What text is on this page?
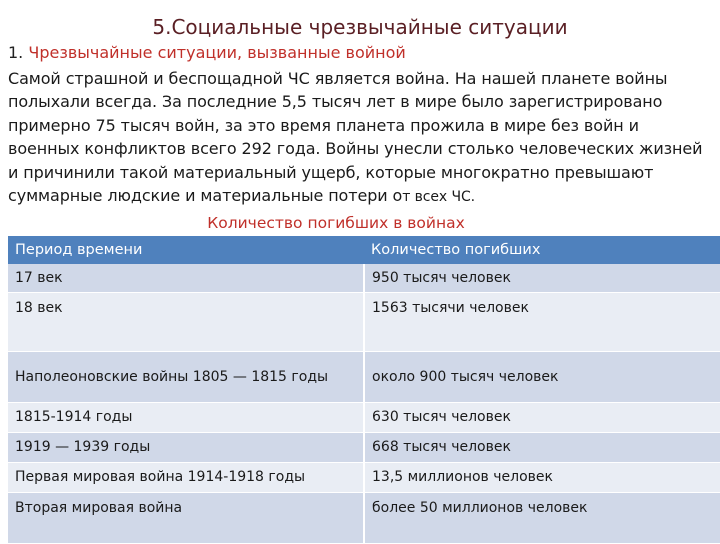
5.Социальные чрезвычайные ситуации
1. Чрезвычайные ситуации, вызванные войной
Самой страшной и беспощадной ЧС является война. На нашей планете войны полыхали всегда. За последние 5,5 тысяч лет в мире было зарегистрировано примерно 75 тысяч войн, за это время планета прожила в мире без войн и военных конфликтов всего 292 года. Войны унесли столько человеческих жизней и причинили такой материальный ущерб, которые многократно превышают суммарные людские и материальные потери от всех ЧС.
Количество погибших в войнах
Период времени	Количество погибших
17 век	950 тысяч человек
18 век	1563 тысячи человек
Наполеоновские войны 1805 — 1815 годы	около 900 тысяч человек
1815-1914 годы	630 тысяч человек
1919 — 1939 годы	668 тысяч человек
Первая мировая война 1914-1918 годы	13,5 миллионов человек
Вторая мировая война	более 50 миллионов человек
